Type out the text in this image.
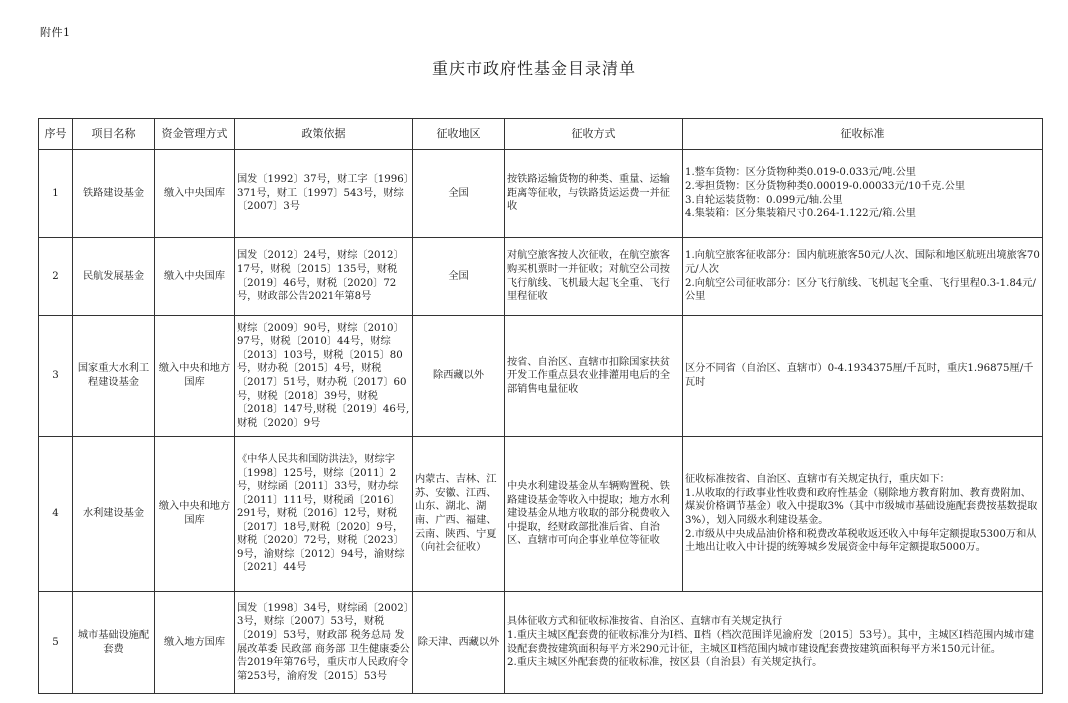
附件1
重庆市政府性基金目录清单
序号	项目名称	资金管理方式	政策依据	征收地区	征收方式	征收标准
1	铁路建设基金	缴入中央国库	国发〔1992〕37号，财工字〔1996〕371号，财工〔1997〕543号，财综〔2007〕3号	全国	按铁路运输货物的种类、重量、运输距离等征收，与铁路货运运费一并征收	1.整车货物：区分货物种类0.019-0.033元/吨.公里
2.零担货物：区分货物种类0.00019-0.00033元/10千克.公里
3.自轮运装货物：0.099元/轴.公里
4.集装箱：区分集装箱尺寸0.264-1.122元/箱.公里

2	民航发展基金	缴入中央国库	国发〔2012〕24号，财综〔2012〕17号，财税〔2015〕135号，财税〔2019〕46号，财税〔2020〕72号，财政部公告2021年第8号	全国	对航空旅客按人次征收，在航空旅客购买机票时一并征收；对航空公司按飞行航线、飞机最大起飞全重、飞行里程征收	1.向航空旅客征收部分：国内航班旅客50元/人次、国际和地区航班出境旅客70元/人次
2.向航空公司征收部分：区分飞行航线、飞机起飞全重、飞行里程0.3-1.84元/公里

3	国家重大水利工程建设基金	缴入中央和地方国库	财综〔2009〕90号，财综〔2010〕97号，财税〔2010〕44号，财综〔2013〕103号，财税〔2015〕80号，财办税〔2015〕4号，财税〔2017〕51号，财办税〔2017〕60号，财税〔2018〕39号，财税〔2018〕147号,财税〔2019〕46号,财税〔2020〕9号	除西藏以外	按省、自治区、直辖市扣除国家扶贫开发工作重点县农业排灌用电后的全部销售电量征收	区分不同省（自治区、直辖市）0-4.1934375厘/千瓦时，重庆1.96875厘/千瓦时

4	水利建设基金	缴入中央和地方国库	《中华人民共和国防洪法》，财综字〔1998〕125号，财综〔2011〕2号，财综函〔2011〕33号，财办综〔2011〕111号，财税函〔2016〕291号，财税〔2016〕12号，财税〔2017〕18号,财税〔2020〕9号，财税〔2020〕72号，财税〔2023〕9号，渝财综〔2012〕94号，渝财综〔2021〕44号	内蒙古、吉林、江苏、安徽、江西、山东、湖北、湖南、广西、福建、云南、陕西、宁夏（向社会征收）	中央水利建设基金从车辆购置税、铁路建设基金等收入中提取；地方水利建设基金从地方收取的部分税费收入中提取，经财政部批准后省、自治区、直辖市可向企事业单位等征收	征收标准按省、自治区、直辖市有关规定执行，重庆如下：
1.从收取的行政事业性收费和政府性基金（剔除地方教育附加、教育费附加、煤炭价格调节基金）收入中提取3%（其中市级城市基础设施配套费按基数提取3%），划入同级水利建设基金。
2.市级从中央成品油价格和税费改革税收返还收入中每年定额提取5300万和从土地出让收入中计提的统筹城乡发展资金中每年定额提取5000万。

5	城市基础设施配套费	缴入地方国库	国发〔1998〕34号，财综函〔2002〕3号，财综〔2007〕53号，财税〔2019〕53号，财政部 税务总局 发展改革委 民政部 商务部 卫生健康委公告2019年第76号，重庆市人民政府令第253号，渝府发〔2015〕53号	除天津、西藏以外	具体征收方式和征收标准按省、自治区、直辖市有关规定执行
1.重庆主城区配套费的征收标准分为Ⅰ档、Ⅱ档（档次范围详见渝府发〔2015〕53号）。其中，主城区Ⅰ档范围内城市建设配套费按建筑面积每平方米290元计征，主城区Ⅱ档范围内城市建设配套费按建筑面积每平方米150元计征。
2.重庆主城区外配套费的征收标准，按区县（自治县）有关规定执行。	
